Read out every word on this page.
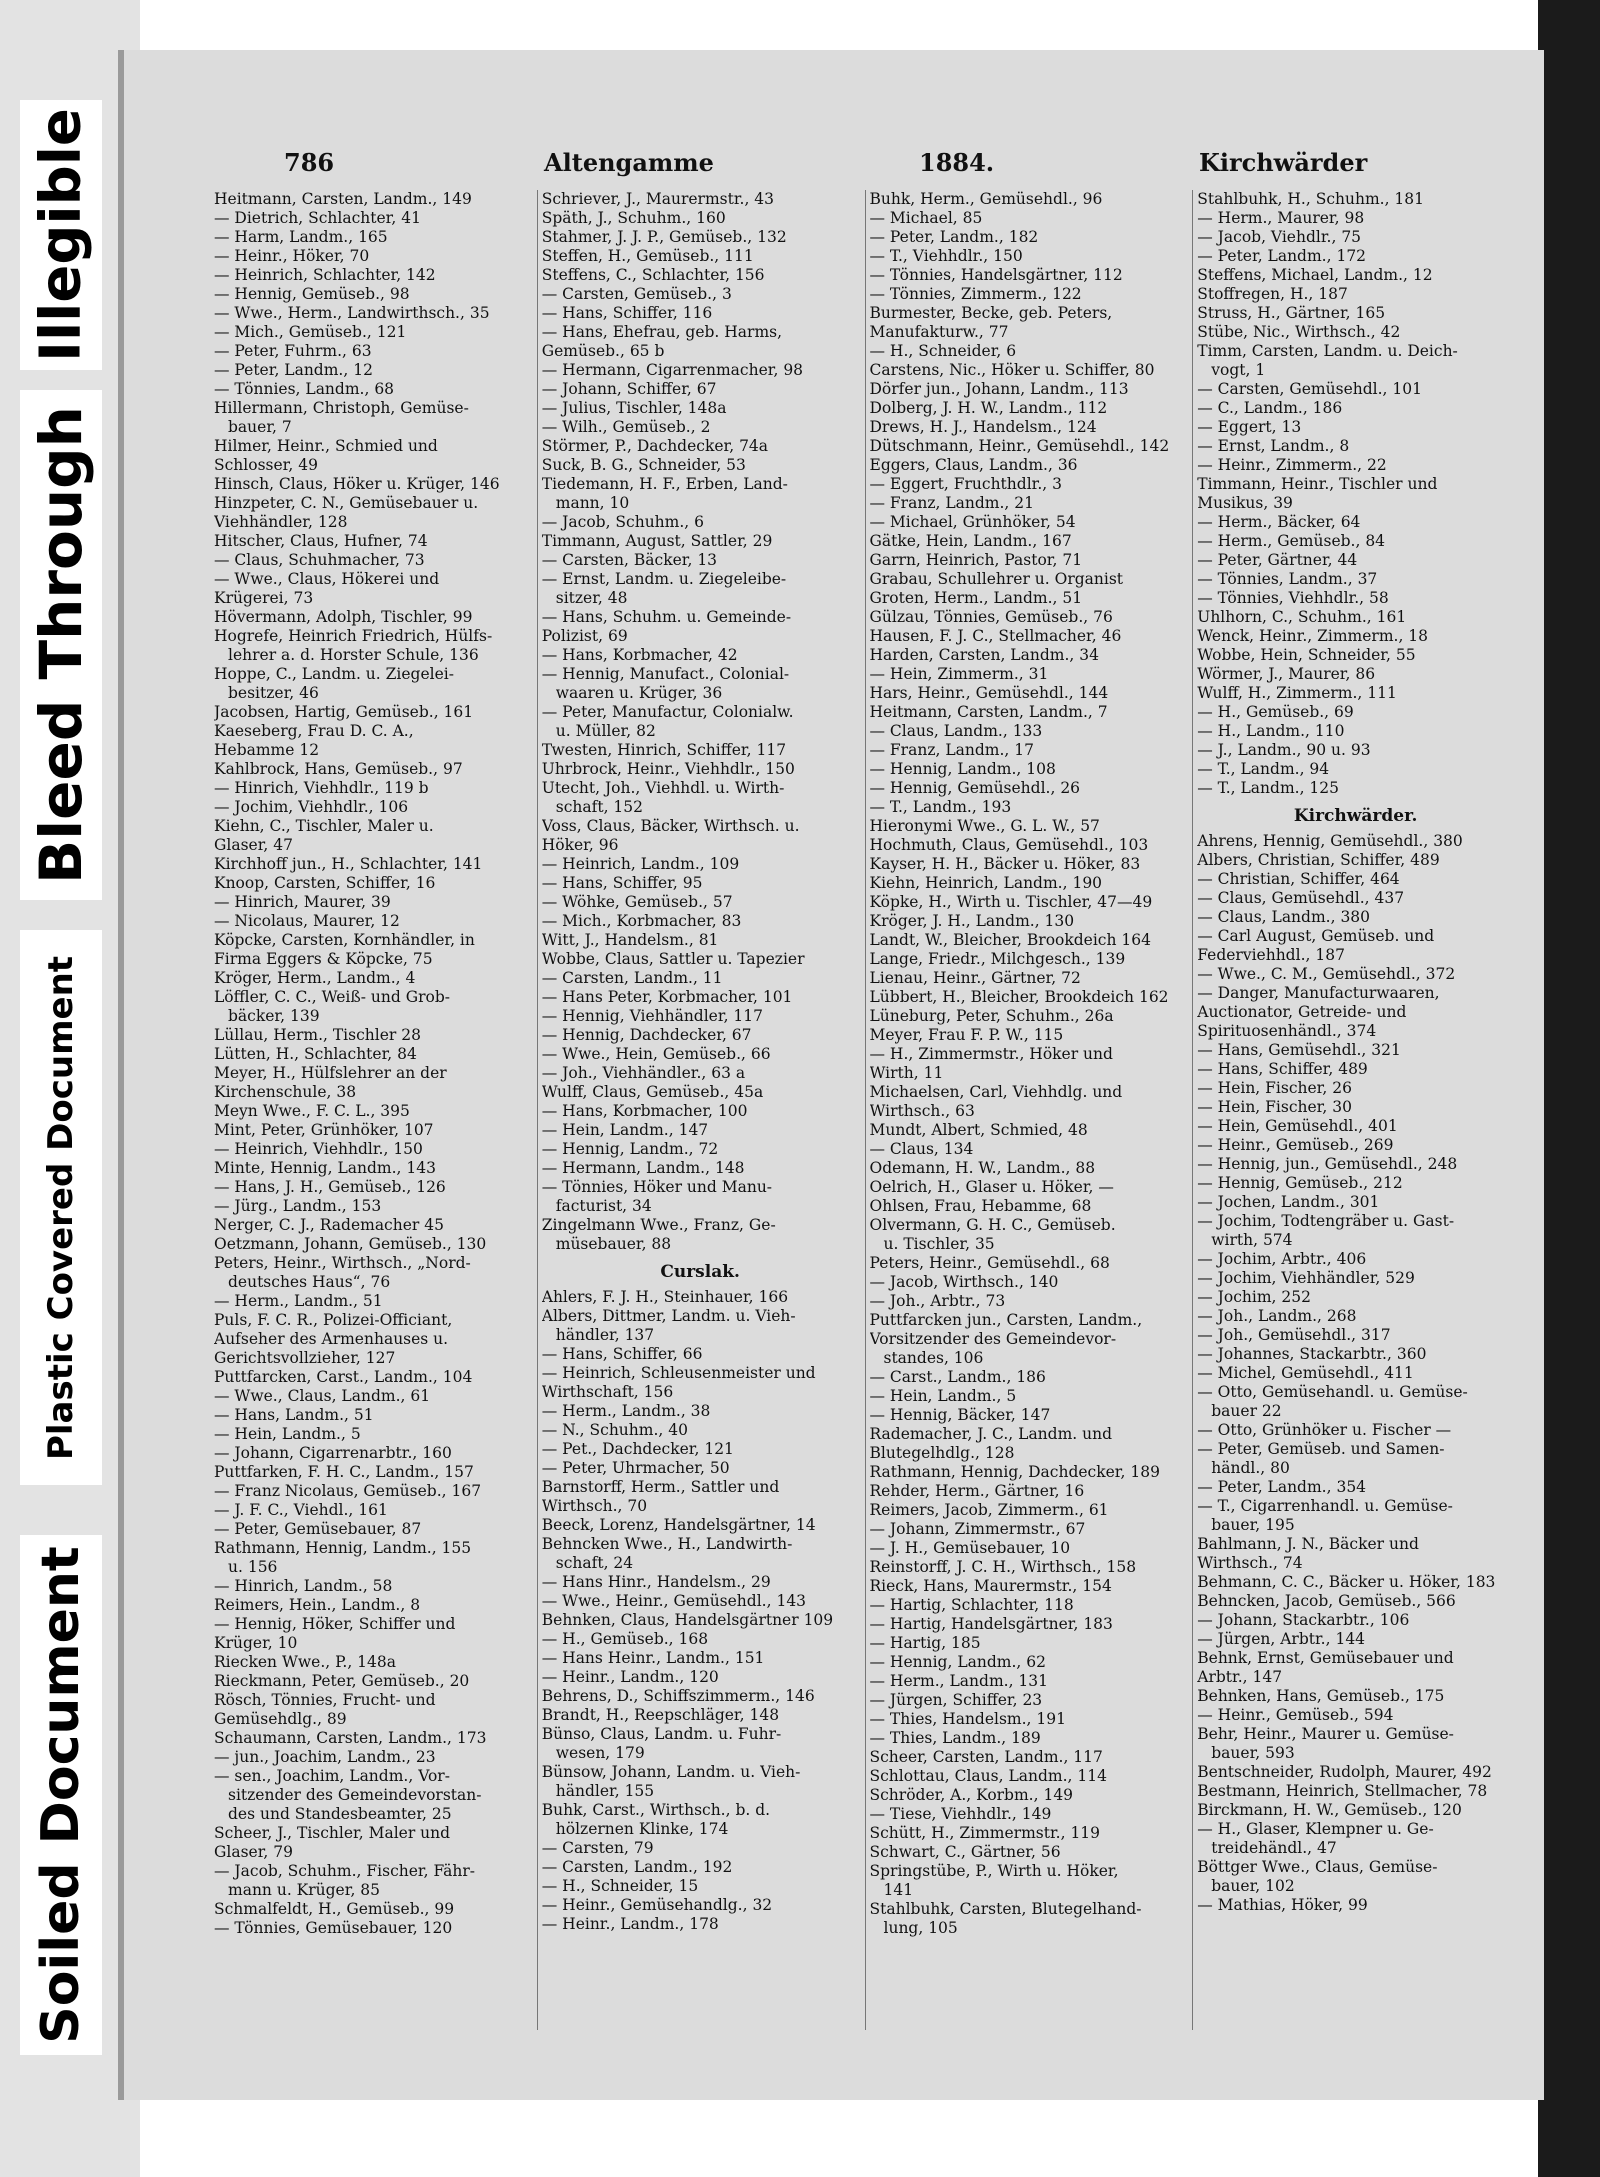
Soiled Document
Plastic Covered Document
Bleed Through
Illegible	786	Altengamme	1884.	Kirchwärder
Heitmann, Carsten, Landm., 149
— Dietrich, Schlachter, 41
— Harm, Landm., 165
— Heinr., Höker, 70
— Heinrich, Schlachter, 142
— Hennig, Gemüseb., 98
— Wwe., Herm., Landwirthsch., 35
— Mich., Gemüseb., 121
— Peter, Fuhrm., 63
— Peter, Landm., 12
— Tönnies, Landm., 68
Hillermann, Christoph, Gemüse-
bauer, 7
Hilmer, Heinr., Schmied und
Schlosser, 49
Hinsch, Claus, Höker u. Krüger, 146
Hinzpeter, C. N., Gemüsebauer u.
Viehhändler, 128
Hitscher, Claus, Hufner, 74
— Claus, Schuhmacher, 73
— Wwe., Claus, Hökerei und
Krügerei, 73
Hövermann, Adolph, Tischler, 99
Hogrefe, Heinrich Friedrich, Hülfs-
lehrer a. d. Horster Schule, 136
Hoppe, C., Landm. u. Ziegelei-
besitzer, 46
Jacobsen, Hartig, Gemüseb., 161
Kaeseberg, Frau D. C. A.,
Hebamme 12
Kahlbrock, Hans, Gemüseb., 97
— Hinrich, Viehhdlr., 119 b
— Jochim, Viehhdlr., 106
Kiehn, C., Tischler, Maler u.
Glaser, 47
Kirchhoff jun., H., Schlachter, 141
Knoop, Carsten, Schiffer, 16
— Hinrich, Maurer, 39
— Nicolaus, Maurer, 12
Köpcke, Carsten, Kornhändler, in
Firma Eggers & Köpcke, 75
Kröger, Herm., Landm., 4
Löffler, C. C., Weiß- und Grob-
bäcker, 139
Lüllau, Herm., Tischler 28
Lütten, H., Schlachter, 84
Meyer, H., Hülfslehrer an der
Kirchenschule, 38
Meyn Wwe., F. C. L., 395
Mint, Peter, Grünhöker, 107
— Heinrich, Viehhdlr., 150
Minte, Hennig, Landm., 143
— Hans, J. H., Gemüseb., 126
— Jürg., Landm., 153
Nerger, C. J., Rademacher 45
Oetzmann, Johann, Gemüseb., 130
Peters, Heinr., Wirthsch., „Nord-
deutsches Haus“, 76
— Herm., Landm., 51
Puls, F. C. R., Polizei-Officiant,
Aufseher des Armenhauses u.
Gerichtsvollzieher, 127
Puttfarcken, Carst., Landm., 104
— Wwe., Claus, Landm., 61
— Hans, Landm., 51
— Hein, Landm., 5
— Johann, Cigarrenarbtr., 160
Puttfarken, F. H. C., Landm., 157
— Franz Nicolaus, Gemüseb., 167
— J. F. C., Viehdl., 161
— Peter, Gemüsebauer, 87
Rathmann, Hennig, Landm., 155
u. 156
— Hinrich, Landm., 58
Reimers, Hein., Landm., 8
— Hennig, Höker, Schiffer und
Krüger, 10
Riecken Wwe., P., 148a
Rieckmann, Peter, Gemüseb., 20
Rösch, Tönnies, Frucht- und
Gemüsehdlg., 89
Schaumann, Carsten, Landm., 173
— jun., Joachim, Landm., 23
— sen., Joachim, Landm., Vor-
sitzender des Gemeindevorstan-
des und Standesbeamter, 25
Scheer, J., Tischler, Maler und
Glaser, 79
— Jacob, Schuhm., Fischer, Fähr-
mann u. Krüger, 85
Schmalfeldt, H., Gemüseb., 99
— Tönnies, Gemüsebauer, 120
Schriever, J., Maurermstr., 43
Späth, J., Schuhm., 160
Stahmer, J. J. P., Gemüseb., 132
Steffen, H., Gemüseb., 111
Steffens, C., Schlachter, 156
— Carsten, Gemüseb., 3
— Hans, Schiffer, 116
— Hans, Ehefrau, geb. Harms,
Gemüseb., 65 b
— Hermann, Cigarrenmacher, 98
— Johann, Schiffer, 67
— Julius, Tischler, 148a
— Wilh., Gemüseb., 2
Störmer, P., Dachdecker, 74a
Suck, B. G., Schneider, 53
Tiedemann, H. F., Erben, Land-
mann, 10
— Jacob, Schuhm., 6
Timmann, August, Sattler, 29
— Carsten, Bäcker, 13
— Ernst, Landm. u. Ziegeleibe-
sitzer, 48
— Hans, Schuhm. u. Gemeinde-
Polizist, 69
— Hans, Korbmacher, 42
— Hennig, Manufact., Colonial-
waaren u. Krüger, 36
— Peter, Manufactur, Colonialw.
u. Müller, 82
Twesten, Hinrich, Schiffer, 117
Uhrbrock, Heinr., Viehhdlr., 150
Utecht, Joh., Viehhdl. u. Wirth-
schaft, 152
Voss, Claus, Bäcker, Wirthsch. u.
Höker, 96
— Heinrich, Landm., 109
— Hans, Schiffer, 95
— Wöhke, Gemüseb., 57
— Mich., Korbmacher, 83
Witt, J., Handelsm., 81
Wobbe, Claus, Sattler u. Tapezier
— Carsten, Landm., 11
— Hans Peter, Korbmacher, 101
— Hennig, Viehhändler, 117
— Hennig, Dachdecker, 67
— Wwe., Hein, Gemüseb., 66
— Joh., Viehhändler., 63 a
Wulff, Claus, Gemüseb., 45a
— Hans, Korbmacher, 100
— Hein, Landm., 147
— Hennig, Landm., 72
— Hermann, Landm., 148
— Tönnies, Höker und Manu-
facturist, 34
Zingelmann Wwe., Franz, Ge-
müsebauer, 88
Curslak.
Ahlers, F. J. H., Steinhauer, 166
Albers, Dittmer, Landm. u. Vieh-
händler, 137
— Hans, Schiffer, 66
— Heinrich, Schleusenmeister und
Wirthschaft, 156
— Herm., Landm., 38
— N., Schuhm., 40
— Pet., Dachdecker, 121
— Peter, Uhrmacher, 50
Barnstorff, Herm., Sattler und
Wirthsch., 70
Beeck, Lorenz, Handelsgärtner, 14
Behncken Wwe., H., Landwirth-
schaft, 24
— Hans Hinr., Handelsm., 29
— Wwe., Heinr., Gemüsehdl., 143
Behnken, Claus, Handelsgärtner 109
— H., Gemüseb., 168
— Hans Heinr., Landm., 151
— Heinr., Landm., 120
Behrens, D., Schiffszimmerm., 146
Brandt, H., Reepschläger, 148
Bünso, Claus, Landm. u. Fuhr-
wesen, 179
Bünsow, Johann, Landm. u. Vieh-
händler, 155
Buhk, Carst., Wirthsch., b. d.
hölzernen Klinke, 174
— Carsten, 79
— Carsten, Landm., 192
— H., Schneider, 15
— Heinr., Gemüsehandlg., 32
— Heinr., Landm., 178
Buhk, Herm., Gemüsehdl., 96
— Michael, 85
— Peter, Landm., 182
— T., Viehhdlr., 150
— Tönnies, Handelsgärtner, 112
— Tönnies, Zimmerm., 122
Burmester, Becke, geb. Peters,
Manufakturw., 77
— H., Schneider, 6
Carstens, Nic., Höker u. Schiffer, 80
Dörfer jun., Johann, Landm., 113
Dolberg, J. H. W., Landm., 112
Drews, H. J., Handelsm., 124
Dütschmann, Heinr., Gemüsehdl., 142
Eggers, Claus, Landm., 36
— Eggert, Fruchthdlr., 3
— Franz, Landm., 21
— Michael, Grünhöker, 54
Gätke, Hein, Landm., 167
Garrn, Heinrich, Pastor, 71
Grabau, Schullehrer u. Organist
Groten, Herm., Landm., 51
Gülzau, Tönnies, Gemüseb., 76
Hausen, F. J. C., Stellmacher, 46
Harden, Carsten, Landm., 34
— Hein, Zimmerm., 31
Hars, Heinr., Gemüsehdl., 144
Heitmann, Carsten, Landm., 7
— Claus, Landm., 133
— Franz, Landm., 17
— Hennig, Landm., 108
— Hennig, Gemüsehdl., 26
— T., Landm., 193
Hieronymi Wwe., G. L. W., 57
Hochmuth, Claus, Gemüsehdl., 103
Kayser, H. H., Bäcker u. Höker, 83
Kiehn, Heinrich, Landm., 190
Köpke, H., Wirth u. Tischler, 47—49
Kröger, J. H., Landm., 130
Landt, W., Bleicher, Brookdeich 164
Lange, Friedr., Milchgesch., 139
Lienau, Heinr., Gärtner, 72
Lübbert, H., Bleicher, Brookdeich 162
Lüneburg, Peter, Schuhm., 26a
Meyer, Frau F. P. W., 115
— H., Zimmermstr., Höker und
Wirth, 11
Michaelsen, Carl, Viehhdlg. und
Wirthsch., 63
Mundt, Albert, Schmied, 48
— Claus, 134
Odemann, H. W., Landm., 88
Oelrich, H., Glaser u. Höker, —
Ohlsen, Frau, Hebamme, 68
Olvermann, G. H. C., Gemüseb.
u. Tischler, 35
Peters, Heinr., Gemüsehdl., 68
— Jacob, Wirthsch., 140
— Joh., Arbtr., 73
Puttfarcken jun., Carsten, Landm.,
Vorsitzender des Gemeindevor-
standes, 106
— Carst., Landm., 186
— Hein, Landm., 5
— Hennig, Bäcker, 147
Rademacher, J. C., Landm. und
Blutegelhdlg., 128
Rathmann, Hennig, Dachdecker, 189
Rehder, Herm., Gärtner, 16
Reimers, Jacob, Zimmerm., 61
— Johann, Zimmermstr., 67
— J. H., Gemüsebauer, 10
Reinstorff, J. C. H., Wirthsch., 158
Rieck, Hans, Maurermstr., 154
— Hartig, Schlachter, 118
— Hartig, Handelsgärtner, 183
— Hartig, 185
— Hennig, Landm., 62
— Herm., Landm., 131
— Jürgen, Schiffer, 23
— Thies, Handelsm., 191
— Thies, Landm., 189
Scheer, Carsten, Landm., 117
Schlottau, Claus, Landm., 114
Schröder, A., Korbm., 149
— Tiese, Viehhdlr., 149
Schütt, H., Zimmermstr., 119
Schwart, C., Gärtner, 56
Springstübe, P., Wirth u. Höker,
141
Stahlbuhk, Carsten, Blutegelhand-
lung, 105
Stahlbuhk, H., Schuhm., 181
— Herm., Maurer, 98
— Jacob, Viehdlr., 75
— Peter, Landm., 172
Steffens, Michael, Landm., 12
Stoffregen, H., 187
Struss, H., Gärtner, 165
Stübe, Nic., Wirthsch., 42
Timm, Carsten, Landm. u. Deich-
vogt, 1
— Carsten, Gemüsehdl., 101
— C., Landm., 186
— Eggert, 13
— Ernst, Landm., 8
— Heinr., Zimmerm., 22
Timmann, Heinr., Tischler und
Musikus, 39
— Herm., Bäcker, 64
— Herm., Gemüseb., 84
— Peter, Gärtner, 44
— Tönnies, Landm., 37
— Tönnies, Viehhdlr., 58
Uhlhorn, C., Schuhm., 161
Wenck, Heinr., Zimmerm., 18
Wobbe, Hein, Schneider, 55
Wörmer, J., Maurer, 86
Wulff, H., Zimmerm., 111
— H., Gemüseb., 69
— H., Landm., 110
— J., Landm., 90 u. 93
— T., Landm., 94
— T., Landm., 125
Kirchwärder.
Ahrens, Hennig, Gemüsehdl., 380
Albers, Christian, Schiffer, 489
— Christian, Schiffer, 464
— Claus, Gemüsehdl., 437
— Claus, Landm., 380
— Carl August, Gemüseb. und
Federviehhdl., 187
— Wwe., C. M., Gemüsehdl., 372
— Danger, Manufacturwaaren,
Auctionator, Getreide- und
Spirituosenhändl., 374
— Hans, Gemüsehdl., 321
— Hans, Schiffer, 489
— Hein, Fischer, 26
— Hein, Fischer, 30
— Hein, Gemüsehdl., 401
— Heinr., Gemüseb., 269
— Hennig, jun., Gemüsehdl., 248
— Hennig, Gemüseb., 212
— Jochen, Landm., 301
— Jochim, Todtengräber u. Gast-
wirth, 574
— Jochim, Arbtr., 406
— Jochim, Viehhändler, 529
— Jochim, 252
— Joh., Landm., 268
— Joh., Gemüsehdl., 317
— Johannes, Stackarbtr., 360
— Michel, Gemüsehdl., 411
— Otto, Gemüsehandl. u. Gemüse-
bauer 22
— Otto, Grünhöker u. Fischer —
— Peter, Gemüseb. und Samen-
händl., 80
— Peter, Landm., 354
— T., Cigarrenhandl. u. Gemüse-
bauer, 195
Bahlmann, J. N., Bäcker und
Wirthsch., 74
Behmann, C. C., Bäcker u. Höker, 183
Behncken, Jacob, Gemüseb., 566
— Johann, Stackarbtr., 106
— Jürgen, Arbtr., 144
Behnk, Ernst, Gemüsebauer und
Arbtr., 147
Behnken, Hans, Gemüseb., 175
— Heinr., Gemüseb., 594
Behr, Heinr., Maurer u. Gemüse-
bauer, 593
Bentschneider, Rudolph, Maurer, 492
Bestmann, Heinrich, Stellmacher, 78
Birckmann, H. W., Gemüseb., 120
— H., Glaser, Klempner u. Ge-
treidehändl., 47
Böttger Wwe., Claus, Gemüse-
bauer, 102
— Mathias, Höker, 99
